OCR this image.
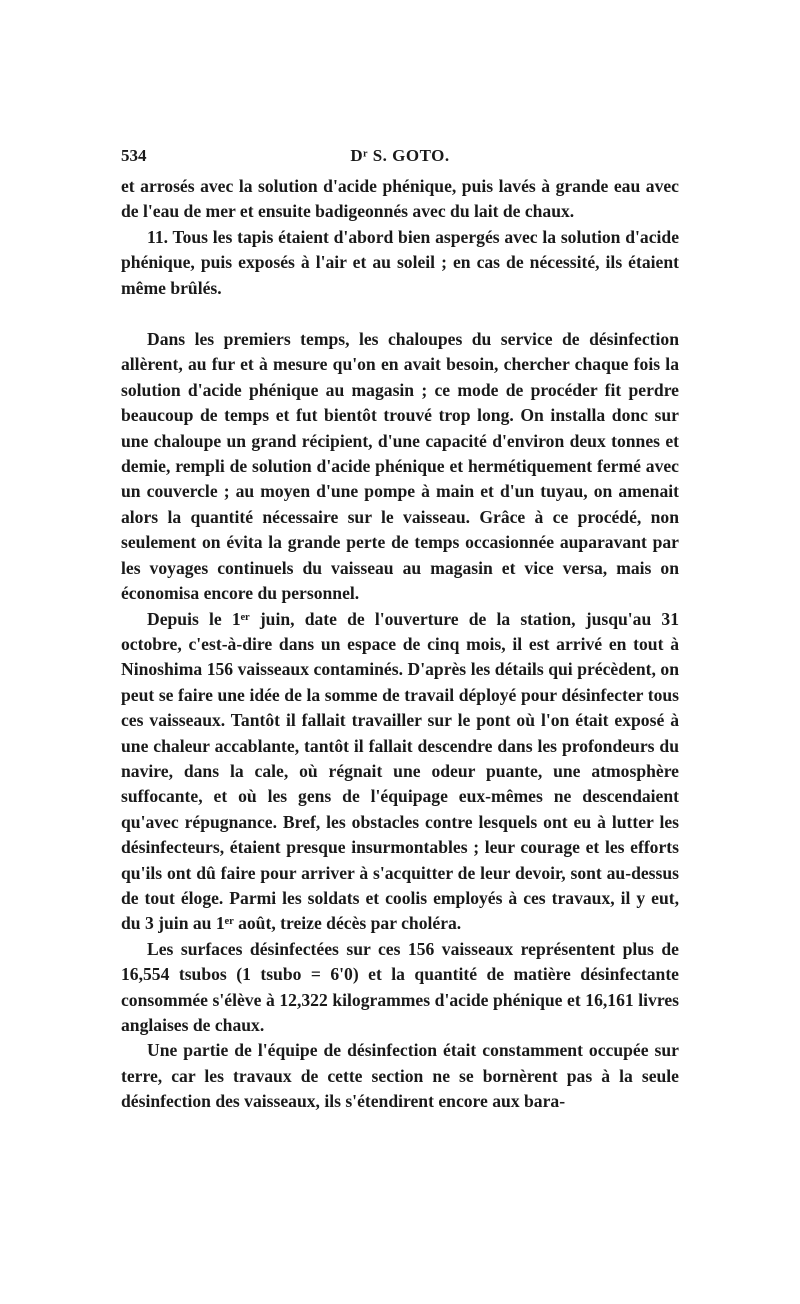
534	Dʳ S. GOTO.

et arrosés avec la solution d'acide phénique, puis lavés à grande eau avec de l'eau de mer et ensuite badigeonnés avec du lait de chaux.

11. Tous les tapis étaient d'abord bien aspergés avec la solution d'acide phénique, puis exposés à l'air et au soleil ; en cas de nécessité, ils étaient même brûlés.

Dans les premiers temps, les chaloupes du service de désinfection allèrent, au fur et à mesure qu'on en avait besoin, chercher chaque fois la solution d'acide phénique au magasin ; ce mode de procéder fit perdre beaucoup de temps et fut bientôt trouvé trop long. On installa donc sur une chaloupe un grand récipient, d'une capacité d'environ deux tonnes et demie, rempli de solution d'acide phénique et hermétiquement fermé avec un couvercle ; au moyen d'une pompe à main et d'un tuyau, on amenait alors la quantité nécessaire sur le vaisseau. Grâce à ce procédé, non seulement on évita la grande perte de temps occasionnée auparavant par les voyages continuels du vaisseau au magasin et vice versa, mais on économisa encore du personnel.

Depuis le 1ᵉʳ juin, date de l'ouverture de la station, jusqu'au 31 octobre, c'est-à-dire dans un espace de cinq mois, il est arrivé en tout à Ninoshima 156 vaisseaux contaminés. D'après les détails qui précèdent, on peut se faire une idée de la somme de travail déployé pour désinfecter tous ces vaisseaux. Tantôt il fallait travailler sur le pont où l'on était exposé à une chaleur accablante, tantôt il fallait descendre dans les profondeurs du navire, dans la cale, où régnait une odeur puante, une atmosphère suffocante, et où les gens de l'équipage eux-mêmes ne descendaient qu'avec répugnance. Bref, les obstacles contre lesquels ont eu à lutter les désinfecteurs, étaient presque insurmontables ; leur courage et les efforts qu'ils ont dû faire pour arriver à s'acquitter de leur devoir, sont au-dessus de tout éloge. Parmi les soldats et coolis employés à ces travaux, il y eut, du 3 juin au 1ᵉʳ août, treize décès par choléra.

Les surfaces désinfectées sur ces 156 vaisseaux représentent plus de 16,554 tsubos (1 tsubo = 6'0) et la quantité de matière désinfectante consommée s'élève à 12,322 kilogrammes d'acide phénique et 16,161 livres anglaises de chaux.

Une partie de l'équipe de désinfection était constamment occupée sur terre, car les travaux de cette section ne se bornèrent pas à la seule désinfection des vaisseaux, ils s'étendirent encore aux bara-
